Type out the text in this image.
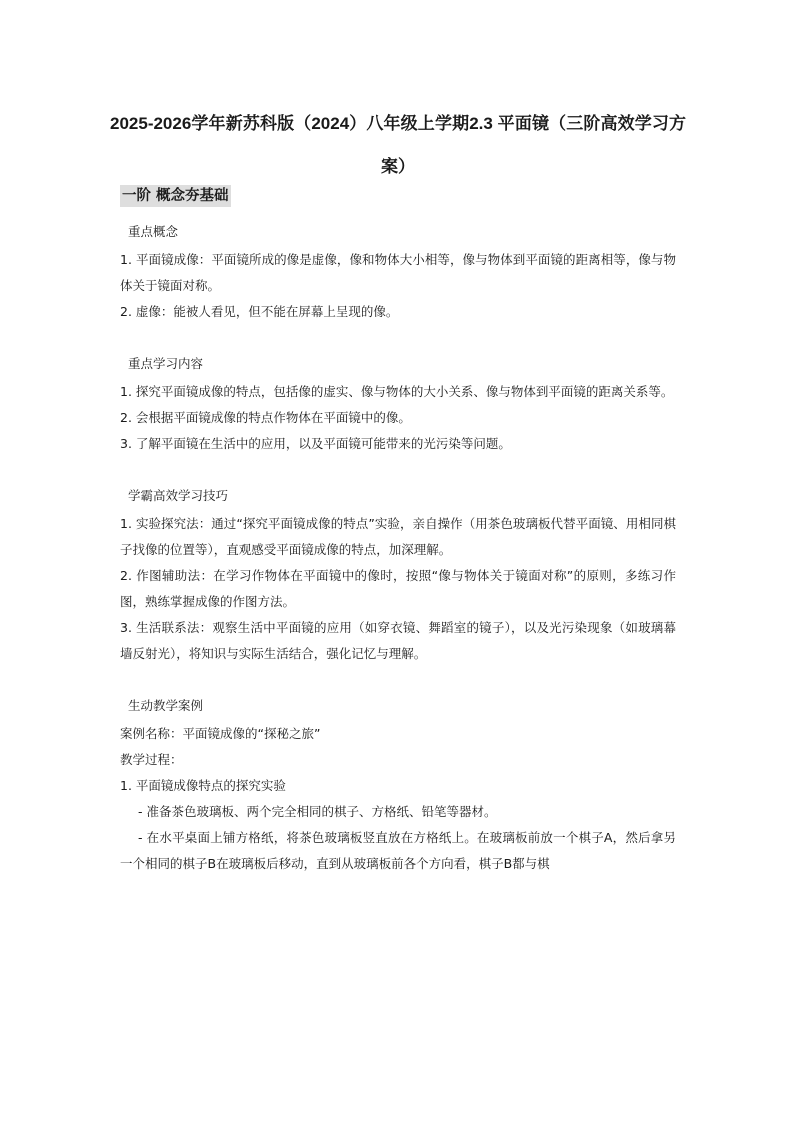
2025-2026学年新苏科版（2024）八年级上学期2.3 平面镜（三阶高效学习方案）
一阶 概念夯基础
重点概念

1. 平面镜成像：平面镜所成的像是虚像，像和物体大小相等，像与物体到平面镜的距离相等，像与物体关于镜面对称。

2. 虚像：能被人看见，但不能在屏幕上呈现的像。

重点学习内容

1. 探究平面镜成像的特点，包括像的虚实、像与物体的大小关系、像与物体到平面镜的距离关系等。

2. 会根据平面镜成像的特点作物体在平面镜中的像。

3. 了解平面镜在生活中的应用，以及平面镜可能带来的光污染等问题。

学霸高效学习技巧

1. 实验探究法：通过“探究平面镜成像的特点”实验，亲自操作（用茶色玻璃板代替平面镜、用相同棋子找像的位置等），直观感受平面镜成像的特点，加深理解。

2. 作图辅助法：在学习作物体在平面镜中的像时，按照“像与物体关于镜面对称”的原则，多练习作图，熟练掌握成像的作图方法。

3. 生活联系法：观察生活中平面镜的应用（如穿衣镜、舞蹈室的镜子），以及光污染现象（如玻璃幕墙反射光），将知识与实际生活结合，强化记忆与理解。

生动教学案例

案例名称：平面镜成像的“探秘之旅”

教学过程：

1. 平面镜成像特点的探究实验

- 准备茶色玻璃板、两个完全相同的棋子、方格纸、铅笔等器材。

- 在水平桌面上铺方格纸，将茶色玻璃板竖直放在方格纸上。在玻璃板前放一个棋子A，然后拿另一个相同的棋子B在玻璃板后移动，直到从玻璃板前各个方向看，棋子B都与棋
